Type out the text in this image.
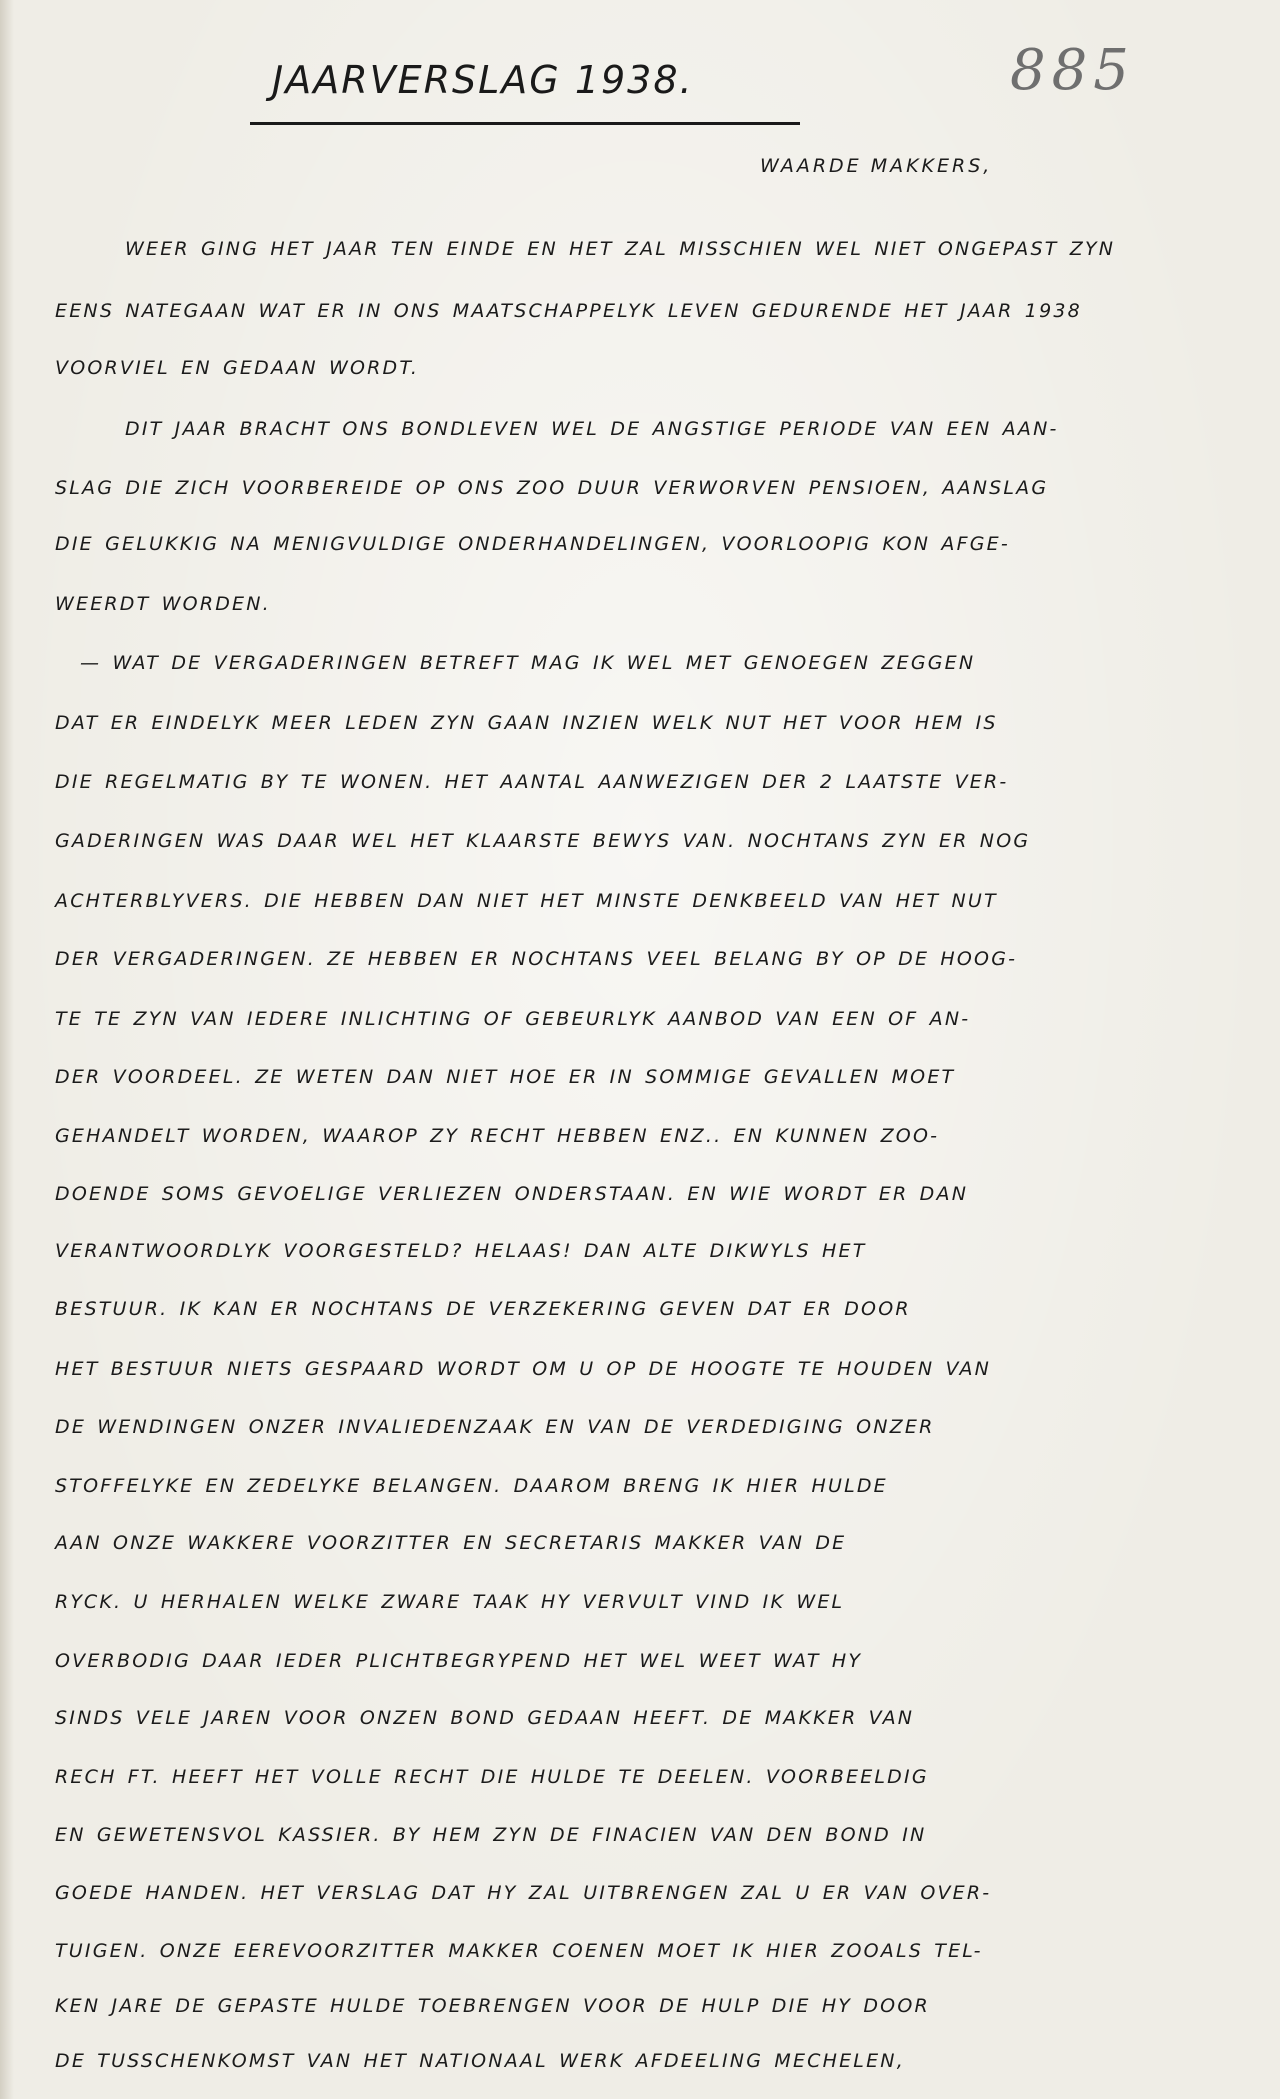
JAARVERSLAG 1938.	885
WAARDE MAKKERS,
WEER GING HET JAAR TEN EINDE EN HET ZAL MISSCHIEN WEL NIET ONGEPAST ZYN
EENS NATEGAAN WAT ER IN ONS MAATSCHAPPELYK LEVEN GEDURENDE HET JAAR 1938
VOORVIEL EN GEDAAN WORDT.
DIT JAAR BRACHT ONS BONDLEVEN WEL DE ANGSTIGE PERIODE VAN EEN AAN-
SLAG DIE ZICH VOORBEREIDE OP ONS ZOO DUUR VERWORVEN PENSIOEN, AANSLAG
DIE GELUKKIG NA MENIGVULDIGE ONDERHANDELINGEN, VOORLOOPIG KON AFGE-
WEERDT WORDEN.
— WAT DE VERGADERINGEN BETREFT MAG IK WEL MET GENOEGEN ZEGGEN
DAT ER EINDELYK MEER LEDEN ZYN GAAN INZIEN WELK NUT HET VOOR HEM IS
DIE REGELMATIG BY TE WONEN. HET AANTAL AANWEZIGEN DER 2 LAATSTE VER-
GADERINGEN WAS DAAR WEL HET KLAARSTE BEWYS VAN. NOCHTANS ZYN ER NOG
ACHTERBLYVERS. DIE HEBBEN DAN NIET HET MINSTE DENKBEELD VAN HET NUT
DER VERGADERINGEN. ZE HEBBEN ER NOCHTANS VEEL BELANG BY OP DE HOOG-
TE TE ZYN VAN IEDERE INLICHTING OF GEBEURLYK AANBOD VAN EEN OF AN-
DER VOORDEEL. ZE WETEN DAN NIET HOE ER IN SOMMIGE GEVALLEN MOET
GEHANDELT WORDEN, WAAROP ZY RECHT HEBBEN ENZ.. EN KUNNEN ZOO-
DOENDE SOMS GEVOELIGE VERLIEZEN ONDERSTAAN. EN WIE WORDT ER DAN
VERANTWOORDLYK VOORGESTELD? HELAAS! DAN ALTE DIKWYLS HET
BESTUUR. IK KAN ER NOCHTANS DE VERZEKERING GEVEN DAT ER DOOR
HET BESTUUR NIETS GESPAARD WORDT OM U OP DE HOOGTE TE HOUDEN VAN
DE WENDINGEN ONZER INVALIEDENZAAK EN VAN DE VERDEDIGING ONZER
STOFFELYKE EN ZEDELYKE BELANGEN. DAAROM BRENG IK HIER HULDE
AAN ONZE WAKKERE VOORZITTER EN SECRETARIS MAKKER VAN DE
RYCK. U HERHALEN WELKE ZWARE TAAK HY VERVULT VIND IK WEL
OVERBODIG DAAR IEDER PLICHTBEGRYPEND HET WEL WEET WAT HY
SINDS VELE JAREN VOOR ONZEN BOND GEDAAN HEEFT. DE MAKKER VAN
RECH FT. HEEFT HET VOLLE RECHT DIE HULDE TE DEELEN. VOORBEELDIG
EN GEWETENSVOL KASSIER. BY HEM ZYN DE FINACIEN VAN DEN BOND IN
GOEDE HANDEN. HET VERSLAG DAT HY ZAL UITBRENGEN ZAL U ER VAN OVER-
TUIGEN. ONZE EEREVOORZITTER MAKKER COENEN MOET IK HIER ZOOALS TEL-
KEN JARE DE GEPASTE HULDE TOEBRENGEN VOOR DE HULP DIE HY DOOR
DE TUSSCHENKOMST VAN HET NATIONAAL WERK AFDEELING MECHELEN,
